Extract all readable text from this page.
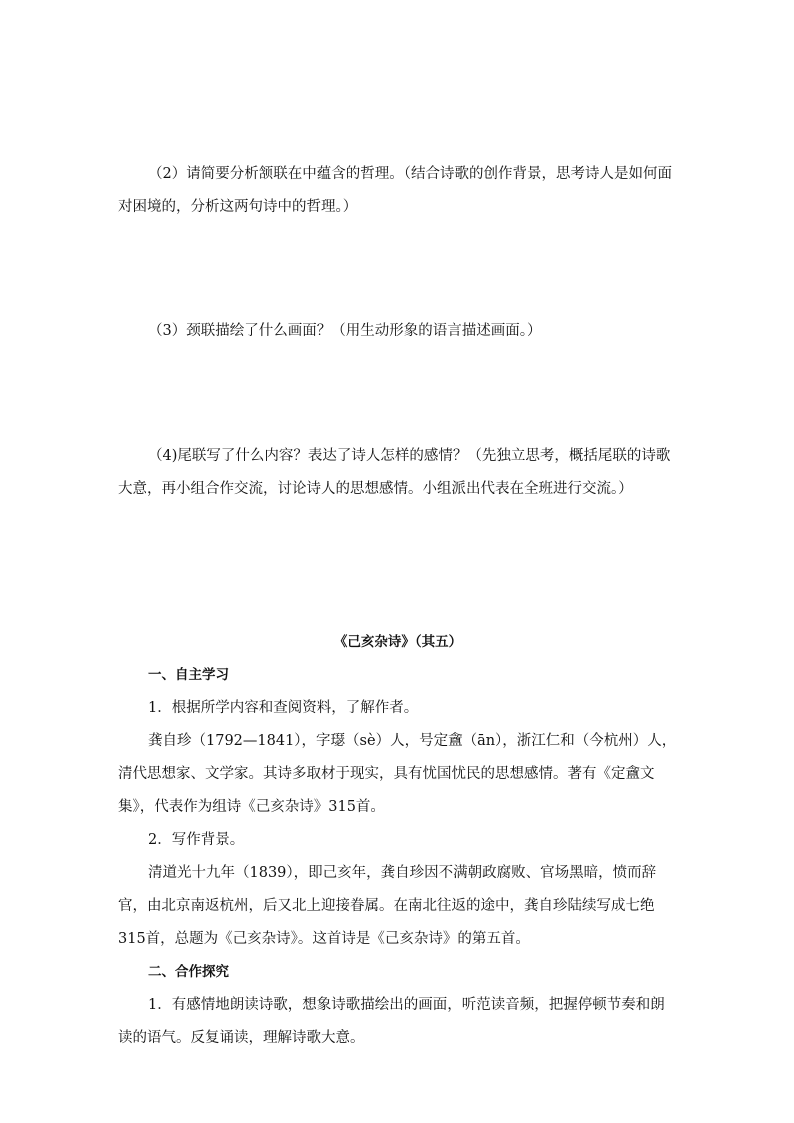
（2）请简要分析颔联在中蕴含的哲理。（结合诗歌的创作背景，思考诗人是如何面对困境的，分析这两句诗中的哲理。）

（3）颈联描绘了什么画面？（用生动形象的语言描述画面。）

（4)尾联写了什么内容？表达了诗人怎样的感情？（先独立思考，概括尾联的诗歌大意，再小组合作交流，讨论诗人的思想感情。小组派出代表在全班进行交流。）

《己亥杂诗》（其五）

一、自主学习

1．根据所学内容和查阅资料，了解作者。

龚自珍（1792—1841），字璱（sè）人，号定盦（ān），浙江仁和（今杭州）人，清代思想家、文学家。其诗多取材于现实，具有忧国忧民的思想感情。著有《定盦文集》，代表作为组诗《己亥杂诗》315首。

2．写作背景。

清道光十九年（1839），即己亥年，龚自珍因不满朝政腐败、官场黑暗，愤而辞官，由北京南返杭州，后又北上迎接眷属。在南北往返的途中，龚自珍陆续写成七绝315首，总题为《己亥杂诗》。这首诗是《己亥杂诗》的第五首。

二、合作探究

1．有感情地朗读诗歌，想象诗歌描绘出的画面，听范读音频，把握停顿节奏和朗读的语气。反复诵读，理解诗歌大意。
